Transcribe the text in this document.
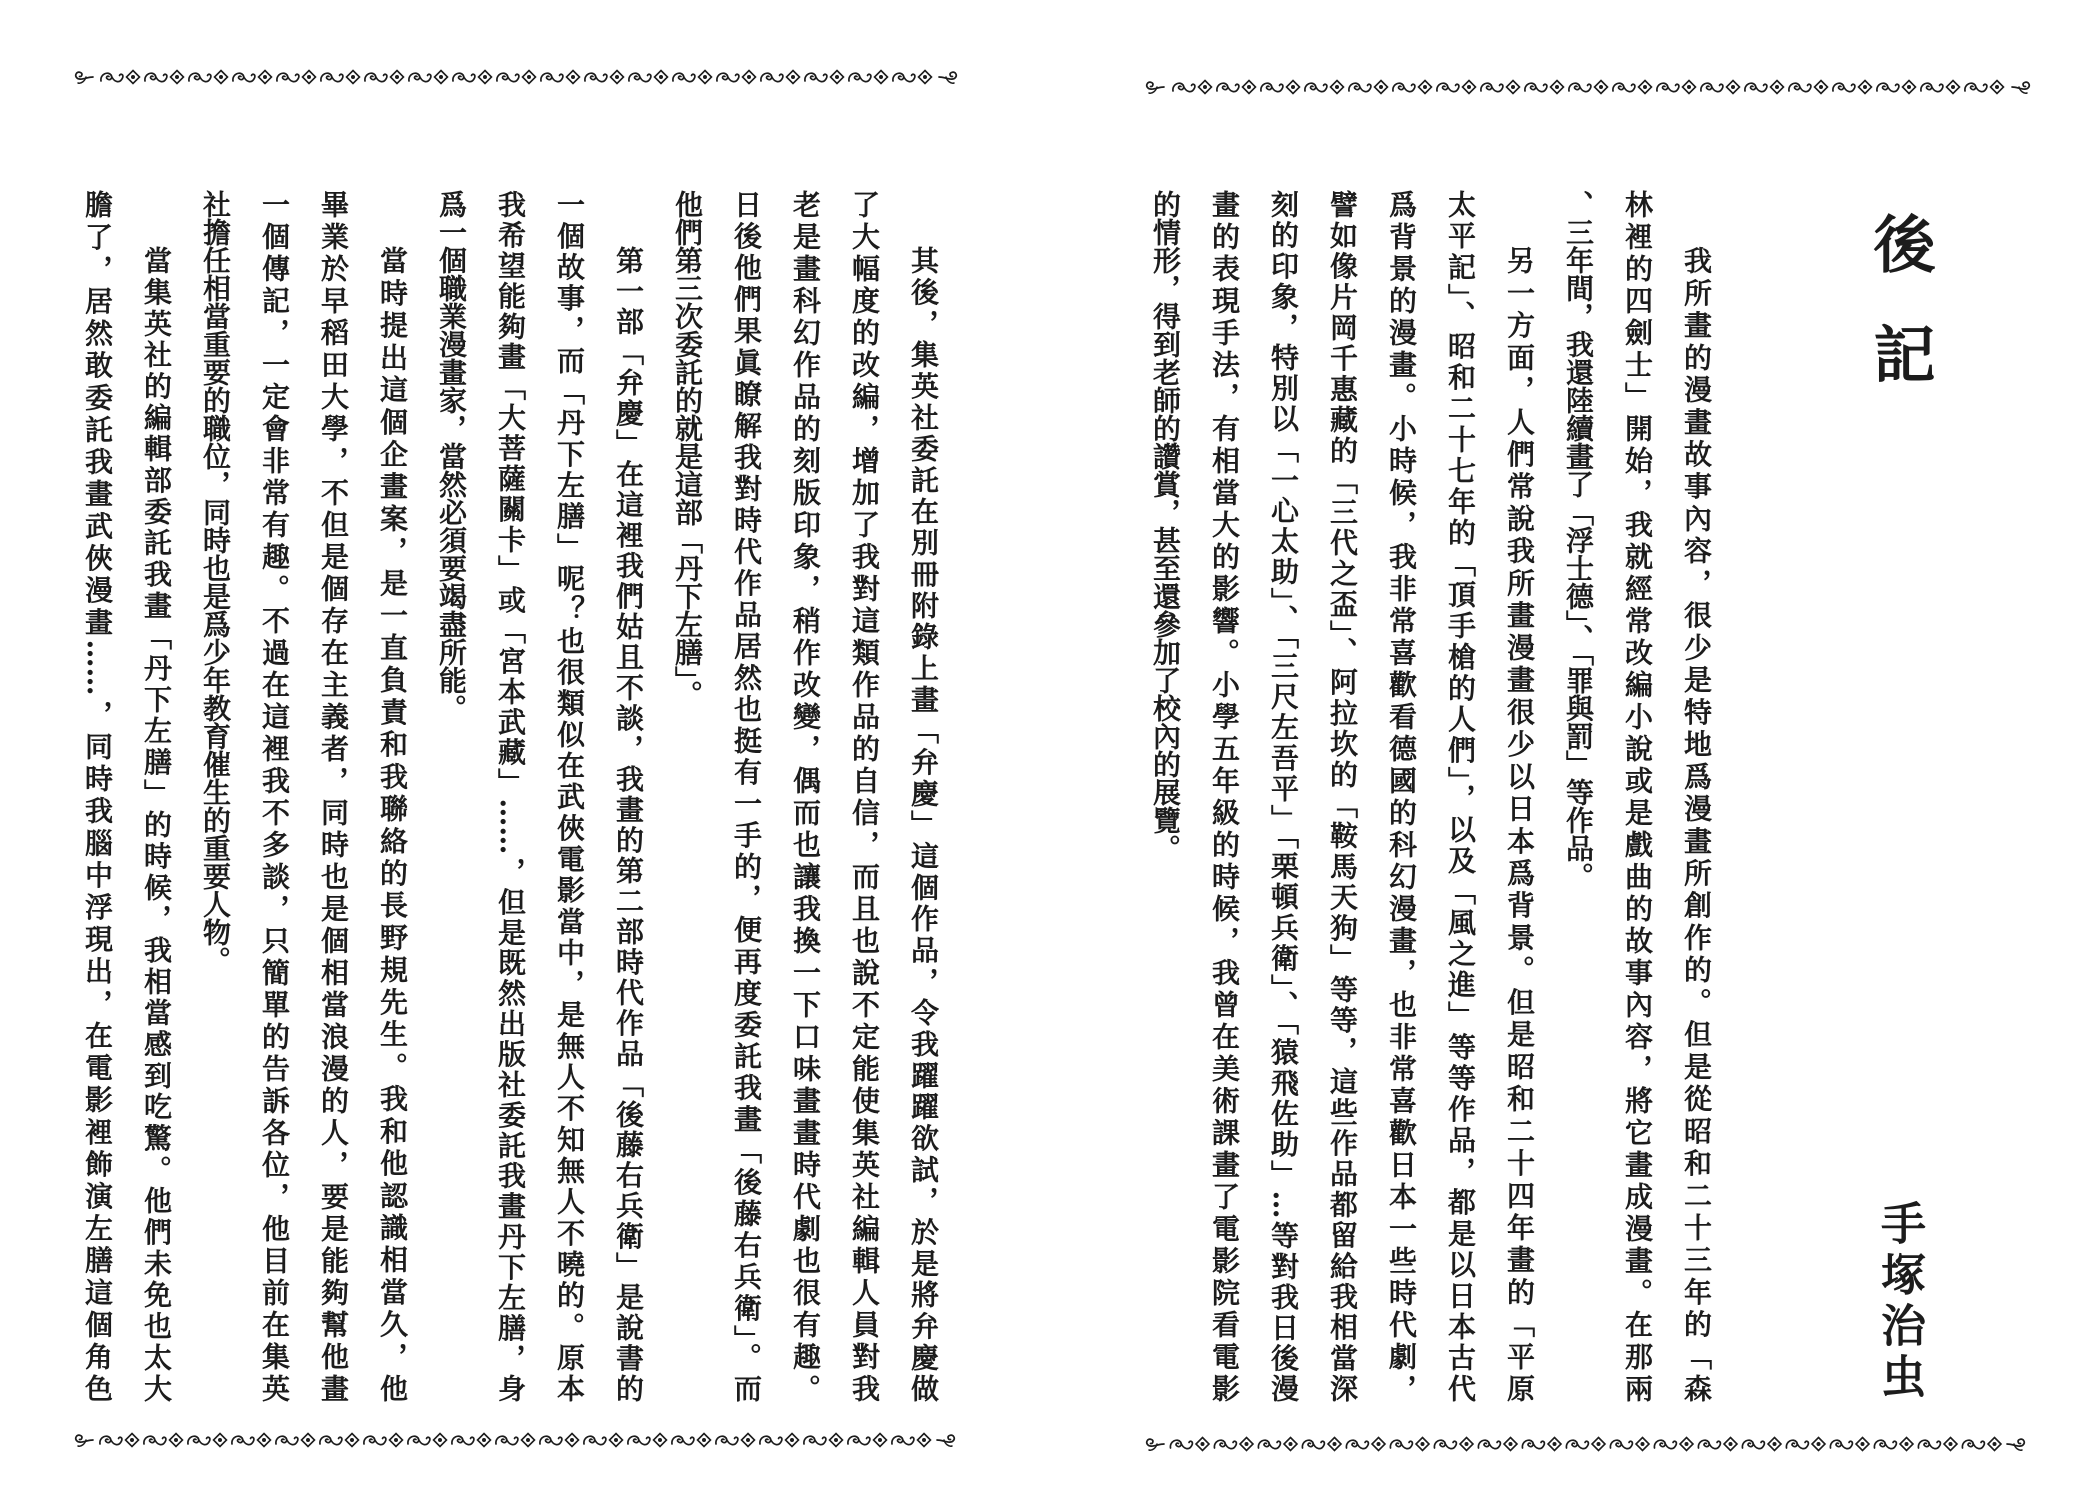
後記
我所畫的漫畫故事內容，很少是特地爲漫畫所創作的。但是從昭和二十三年的「森
林裡的四劍士」開始，我就經常改編小說或是戲曲的故事內容，將它畫成漫畫。在那兩
、三年間，我還陸續畫了「浮士德」、「罪與罰」等作品。
另一方面，人們常說我所畫漫畫很少以日本爲背景。但是昭和二十四年畫的「平原
太平記」、昭和二十七年的「頂手槍的人們」，以及「風之進」等等作品，都是以日本古代
爲背景的漫畫。小時候，我非常喜歡看德國的科幻漫畫，也非常喜歡日本一些時代劇，
譬如像片岡千惠藏的「三代之盃」、阿拉坎的「鞍馬天狗」等等，這些作品都留給我相當深
刻的印象，特別以「一心太助」、「三尺左吾平」「栗頓兵衛」、「猿飛佐助」…等對我日後漫
畫的表現手法，有相當大的影響。小學五年級的時候，我曾在美術課畫了電影院看電影
的情形，得到老師的讚賞，甚至還參加了校內的展覽。
手塚治虫
其後，集英社委託在別冊附錄上畫「弁慶」這個作品，令我躍躍欲試，於是將弁慶做
了大幅度的改編，增加了我對這類作品的自信，而且也說不定能使集英社編輯人員對我
老是畫科幻作品的刻版印象，稍作改變，偶而也讓我換一下口味畫畫時代劇也很有趣。
日後他們果眞瞭解我對時代作品居然也挺有一手的，便再度委託我畫「後藤右兵衛」。而
他們第三次委託的就是這部「丹下左膳」。
第一部「弁慶」在這裡我們姑且不談，我畫的第二部時代作品「後藤右兵衛」是說書的
一個故事，而「丹下左膳」呢？也很類似在武俠電影當中，是無人不知無人不曉的。原本
我希望能夠畫「大菩薩關卡」或「宮本武藏」……，但是既然出版社委託我畫丹下左膳，身
爲一個職業漫畫家，當然必須要竭盡所能。
當時提出這個企畫案，是一直負責和我聯絡的長野規先生。我和他認識相當久，他
畢業於早稻田大學，不但是個存在主義者，同時也是個相當浪漫的人，要是能夠幫他畫
一個傳記，一定會非常有趣。不過在這裡我不多談，只簡單的告訴各位，他目前在集英
社擔任相當重要的職位，同時也是爲少年教育催生的重要人物。
當集英社的編輯部委託我畫「丹下左膳」的時候，我相當感到吃驚。他們未免也太大
膽了，居然敢委託我畫武俠漫畫……，同時我腦中浮現出，在電影裡飾演左膳這個角色
